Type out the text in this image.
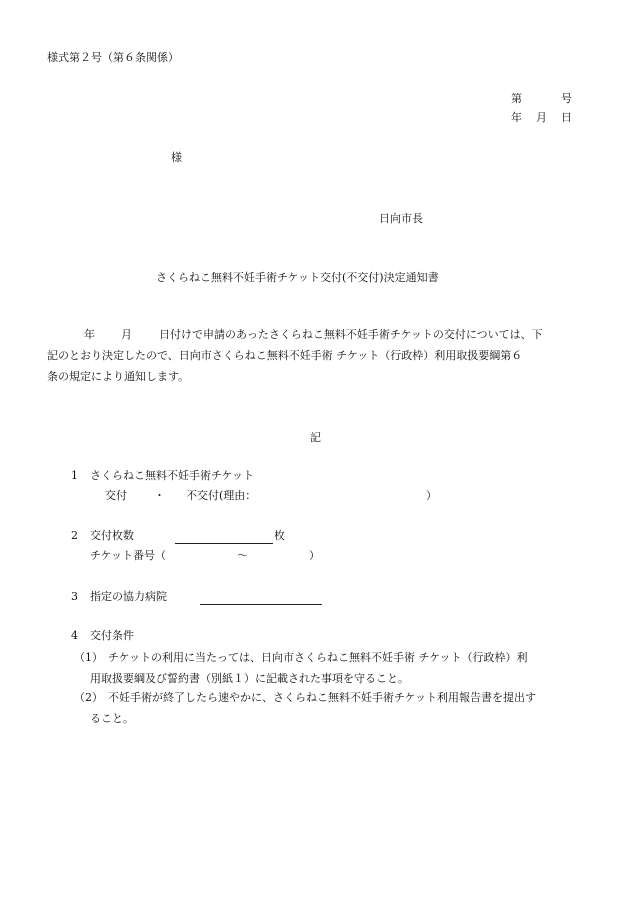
様式第２号（第６条関係）
第	号
年 月 日
様
日向市長
さくらねこ無料不妊手術チケット交付(不交付)決定通知書
年 月 日付けで申請のあったさくらねこ無料不妊手術チケットの交付については、下
記のとおり決定したので、日向市さくらねこ無料不妊手術 チケット（行政枠）利用取扱要綱第６
条の規定により通知します。
記
1 さくらねこ無料不妊手術チケット
交付 ・ 不交付(理由：	）
2 交付枚数	枚
チケット番号（	〜	）
3 指定の協力病院
4 交付条件
（1） チケットの利用に当たっては、日向市さくらねこ無料不妊手術 チケット（行政枠）利
用取扱要綱及び誓約書（別紙１）に記載された事項を守ること。
（2） 不妊手術が終了したら速やかに、さくらねこ無料不妊手術チケット利用報告書を提出す
ること。
